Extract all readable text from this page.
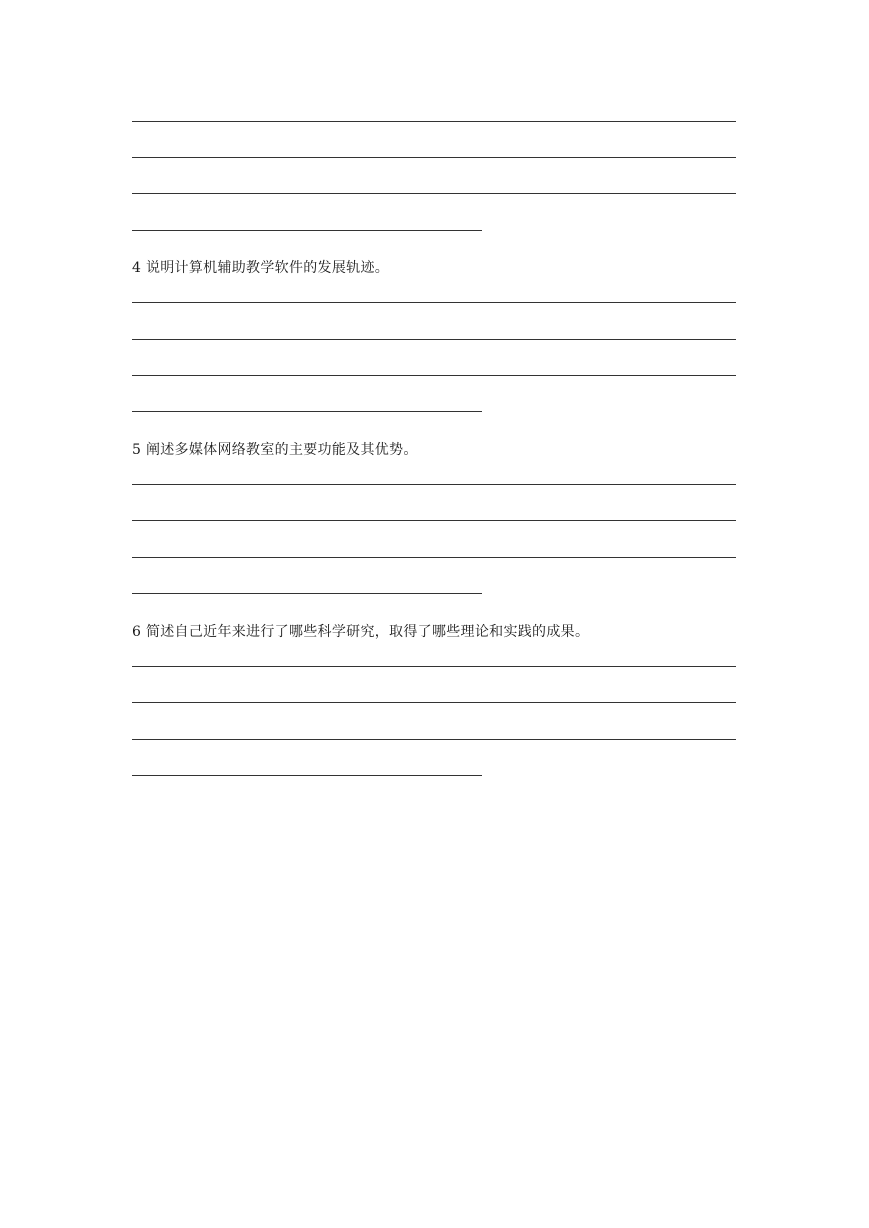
4 说明计算机辅助教学软件的发展轨迹。
5 阐述多媒体网络教室的主要功能及其优势。
6 简述自己近年来进行了哪些科学研究，取得了哪些理论和实践的成果。
